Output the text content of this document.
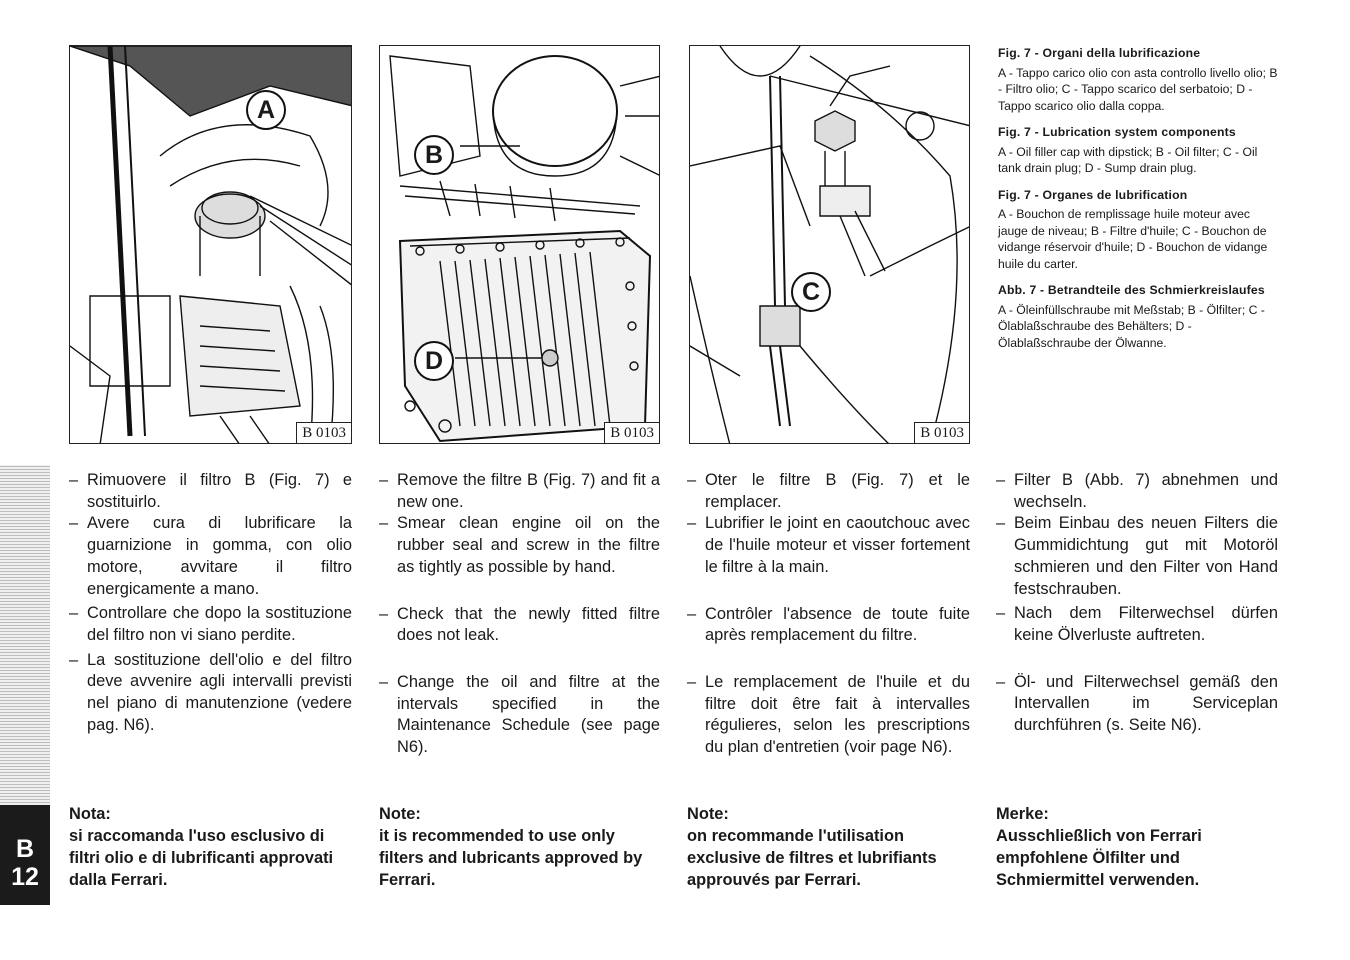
A
B 0103
B
D
B 0103
C
B 0103
Fig. 7 - Organi della lubrificazione

A - Tappo carico olio con asta controllo livello olio; B - Filtro olio; C - Tappo scarico del serbatoio; D - Tappo scarico olio dalla coppa.

Fig. 7 - Lubrication system components

A - Oil filler cap with dipstick; B - Oil filter; C - Oil tank drain plug; D - Sump drain plug.

Fig. 7 - Organes de lubrification

A - Bouchon de remplissage huile moteur avec jauge de niveau; B - Filtre d'huile; C - Bouchon de vidange réservoir d'huile; D - Bouchon de vidange huile du carter.

Abb. 7 - Betrandteile des Schmierkreislaufes

A - Öleinfüllschraube mit Meßstab; B - Ölfilter; C - Ölablaßschraube des Behälters; D - Ölablaßschraube der Ölwanne.

– Rimuovere il filtro B (Fig. 7) e sostituirlo.
– Avere cura di lubrificare la guarnizione in gomma, con olio motore, avvitare il filtro energicamente a mano.
– Controllare che dopo la sostituzione del filtro non vi siano perdite.
– La sostituzione dell'olio e del filtro deve avvenire agli intervalli previsti nel piano di manutenzione (vedere pag. N6).
– Remove the filtre B (Fig. 7) and fit a new one.
– Smear clean engine oil on the rubber seal and screw in the filtre as tightly as possible by hand.
– Check that the newly fitted filtre does not leak.
– Change the oil and filtre at the intervals specified in the Maintenance Schedule (see page N6).
– Oter le filtre B (Fig. 7) et le remplacer.
– Lubrifier le joint en caoutchouc avec de l'huile moteur et visser fortement le filtre à la main.
– Contrôler l'absence de toute fuite après remplacement du filtre.
– Le remplacement de l'huile et du filtre doit être fait à intervalles régulieres, selon les prescriptions du plan d'entretien (voir page N6).
– Filter B (Abb. 7) abnehmen und wechseln.
– Beim Einbau des neuen Filters die Gummidichtung gut mit Motoröl schmieren und den Filter von Hand festschrauben.
– Nach dem Filterwechsel dürfen keine Ölverluste auftreten.
– Öl- und Filterwechsel gemäß den Intervallen im Serviceplan durchführen (s. Seite N6).
Nota:
si raccomanda l'uso esclusivo di filtri olio e di lubrificanti approvati dalla Ferrari.
Note:
it is recommended to use only filters and lubricants approved by Ferrari.
Note:
on recommande l'utilisation exclusive de filtres et lubrifiants approuvés par Ferrari.
Merke:
Ausschließlich von Ferrari empfohlene Ölfilter und Schmiermittel verwenden.
B
12
